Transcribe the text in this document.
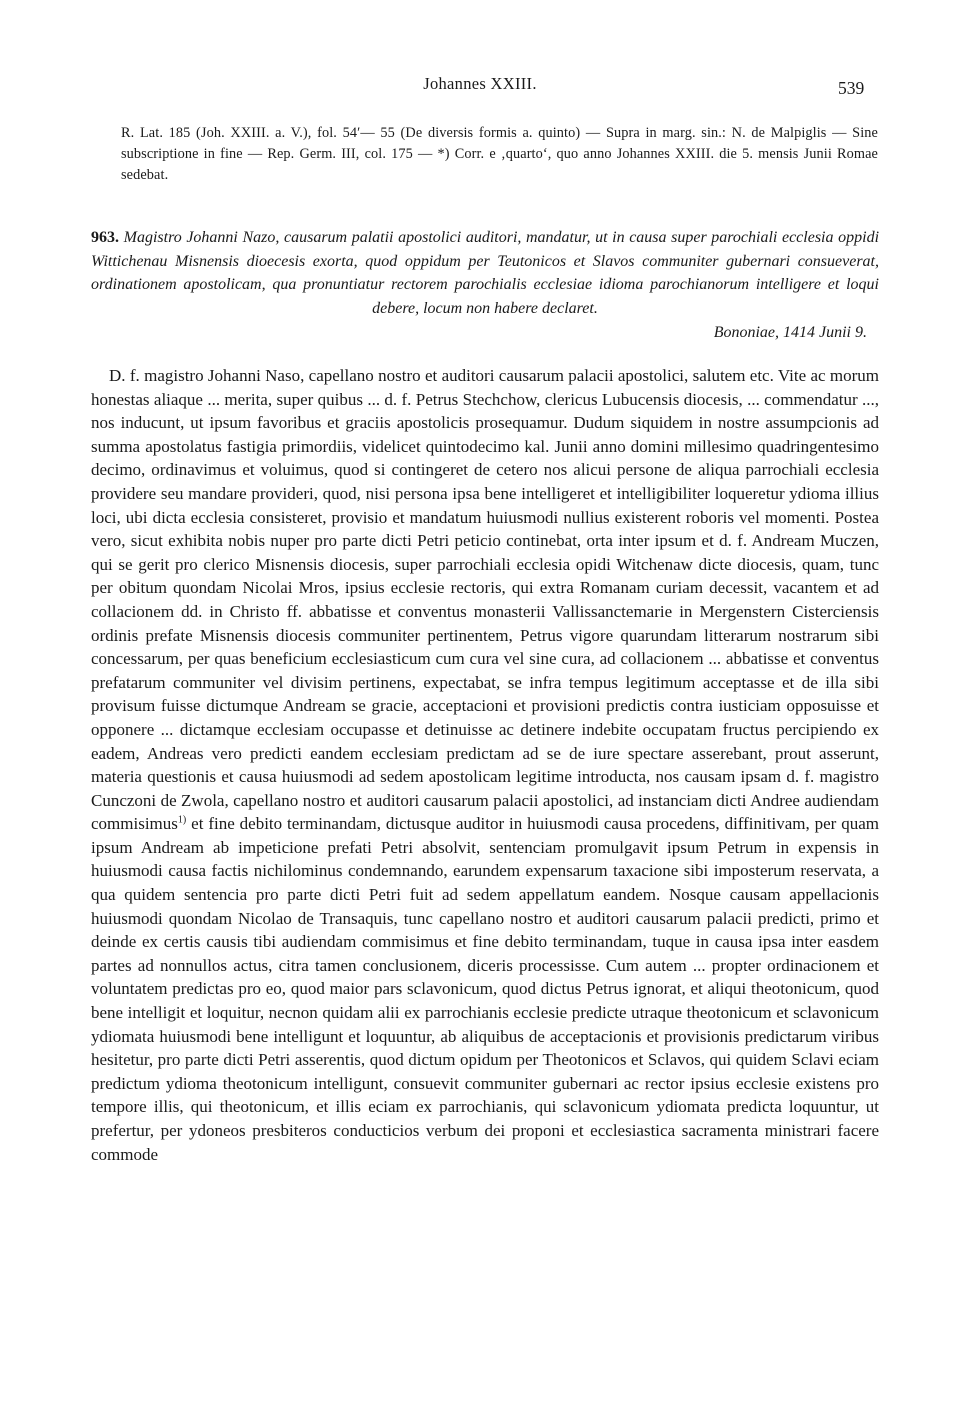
Johannes XXIII.	539

R. Lat. 185 (Joh. XXIII. a. V.), fol. 54′— 55 (De diversis formis a. quinto) — Supra in marg. sin.: N. de Malpiglis — Sine subscriptione in fine — Rep. Germ. III, col. 175 — *) Corr. e ‚quarto‘, quo anno Johannes XXIII. die 5. mensis Junii Romae sedebat.

963. Magistro Johanni Nazo, causarum palatii apostolici auditori, mandatur, ut in causa super parochiali ecclesia oppidi Wittichenau Misnensis dioecesis exorta, quod oppidum per Teutonicos et Slavos communiter gubernari consueverat, ordinationem apostolicam, qua pronuntiatur rectorem parochialis ecclesiae idioma parochianorum intelligere et loqui debere, locum non habere declaret.

Bononiae, 1414 Junii 9.

D. f. magistro Johanni Naso, capellano nostro et auditori causarum palacii apostolici, salutem etc. Vite ac morum honestas aliaque ... merita, super quibus ... d. f. Petrus Stechchow, clericus Lubucensis diocesis, ... commendatur ..., nos inducunt, ut ipsum favoribus et graciis apostolicis prosequamur. Dudum siquidem in nostre assumpcionis ad summa apostolatus fastigia primordiis, videlicet quintodecimo kal. Junii anno domini millesimo quadringentesimo decimo, ordinavimus et voluimus, quod si contingeret de cetero nos alicui persone de aliqua parrochiali ecclesia providere seu mandare provideri, quod, nisi persona ipsa bene intelligeret et intelligibiliter loqueretur ydioma illius loci, ubi dicta ecclesia consisteret, provisio et mandatum huiusmodi nullius existerent roboris vel momenti. Postea vero, sicut exhibita nobis nuper pro parte dicti Petri peticio continebat, orta inter ipsum et d. f. Andream Muczen, qui se gerit pro clerico Misnensis diocesis, super parrochiali ecclesia opidi Witchenaw dicte diocesis, quam, tunc per obitum quondam Nicolai Mros, ipsius ecclesie rectoris, qui extra Romanam curiam decessit, vacantem et ad collacionem dd. in Christo ff. abbatisse et conventus monasterii Vallissanctemarie in Mergenstern Cisterciensis ordinis prefate Misnensis diocesis communiter pertinentem, Petrus vigore quarundam litterarum nostrarum sibi concessarum, per quas beneficium ecclesiasticum cum cura vel sine cura, ad collacionem ... abbatisse et conventus prefatarum communiter vel divisim pertinens, expectabat, se infra tempus legitimum acceptasse et de illa sibi provisum fuisse dictumque Andream se gracie, acceptacioni et provisioni predictis contra iusticiam opposuisse et opponere ... dictamque ecclesiam occupasse et detinuisse ac detinere indebite occupatam fructus percipiendo ex eadem, Andreas vero predicti eandem ecclesiam predictam ad se de iure spectare asserebant, prout asserunt, materia questionis et causa huiusmodi ad sedem apostolicam legitime introducta, nos causam ipsam d. f. magistro Cunczoni de Zwola, capellano nostro et auditori causarum palacii apostolici, ad instanciam dicti Andree audiendam commisimus$^{1)}$ et fine debito terminandam, dictusque auditor in huiusmodi causa procedens, diffinitivam, per quam ipsum Andream ab impeticione prefati Petri absolvit, sentenciam promulgavit ipsum Petrum in expensis in huiusmodi causa factis nichilominus condemnando, earundem expensarum taxacione sibi imposterum reservata, a qua quidem sentencia pro parte dicti Petri fuit ad sedem appellatum eandem. Nosque causam appellacionis huiusmodi quondam Nicolao de Transaquis, tunc capellano nostro et auditori causarum palacii predicti, primo et deinde ex certis causis tibi audiendam commisimus et fine debito terminandam, tuque in causa ipsa inter easdem partes ad nonnullos actus, citra tamen conclusionem, diceris processisse. Cum autem ... propter ordinacionem et voluntatem predictas pro eo, quod maior pars sclavonicum, quod dictus Petrus ignorat, et aliqui theotonicum, quod bene intelligit et loquitur, necnon quidam alii ex parrochianis ecclesie predicte utraque theotonicum et sclavonicum ydiomata huiusmodi bene intelligunt et loquuntur, ab aliquibus de acceptacionis et provisionis predictarum viribus hesitetur, pro parte dicti Petri asserentis, quod dictum opidum per Theotonicos et Sclavos, qui quidem Sclavi eciam predictum ydioma theotonicum intelligunt, consuevit communiter gubernari ac rector ipsius ecclesie existens pro tempore illis, qui theotonicum, et illis eciam ex parrochianis, qui sclavonicum ydiomata predicta loquuntur, ut prefertur, per ydoneos presbiteros conducticios verbum dei proponi et ecclesiastica sacramenta ministrari facere commode
